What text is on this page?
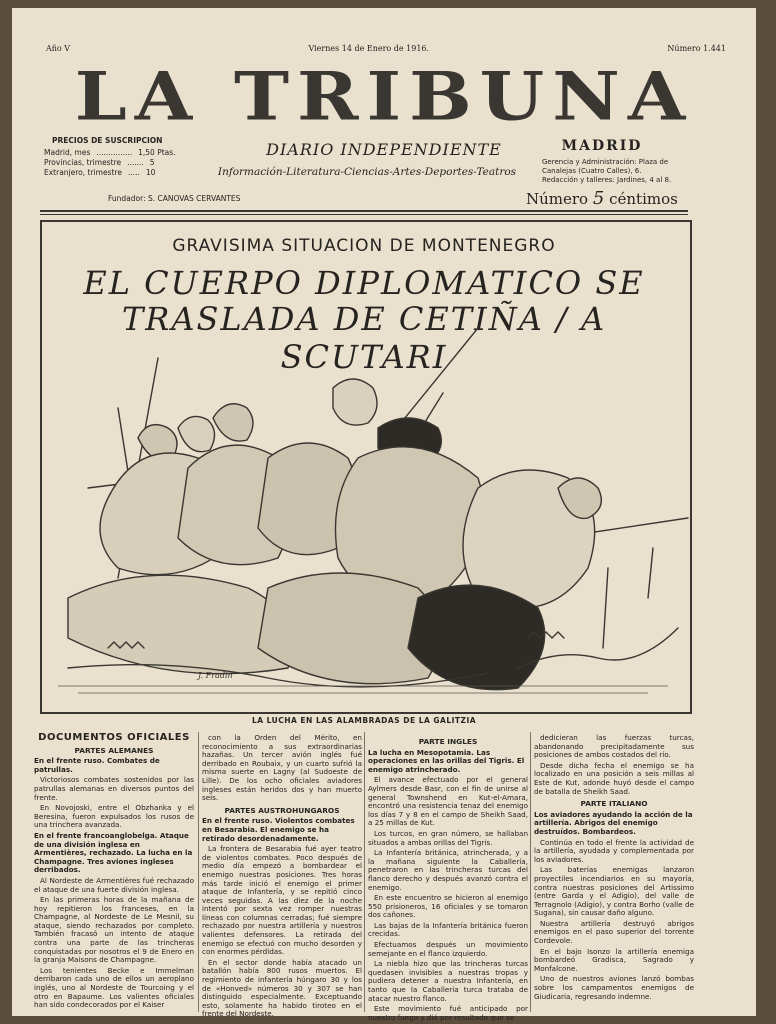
Año V	Viernes 14 de Enero de 1916.	Número 1.441
LA TRIBUNA
PRECIOS DE SUSCRIPCION
Madrid, mes ............... 1,50 Ptas.
Provincias, trimestre ....... 5
Extranjero, trimestre ..... 10
DIARIO INDEPENDIENTE
Información-Literatura-Ciencias-Artes-Deportes-Teatros
MADRID
Gerencia y Administración: Plaza de Canalejas (Cuatro Calles), 6.
Redacción y talleres: Jardines, 4 al 8.
Fundador: S. CANOVAS CERVANTES	Número 5 céntimos
GRAVISIMA SITUACION DE MONTENEGRO
EL CUERPO DIPLOMATICO SE
TRASLADA DE CETIÑA / A SCUTARI
J. Fradin
LA LUCHA EN LAS ALAMBRADAS DE LA GALITZIA
DOCUMENTOS OFICIALES
PARTES ALEMANES
En el frente ruso. Combates de patrullas.

Victoriosos combates sostenidos por las patrullas alemanas en diversos puntos del frente.

En Novojoski, entre el Obzhanka y el Beresina, fueron expulsados los rusos de una trinchera avanzada.

En el frente francoanglobelga. Ataque de una división inglesa en Armentières, rechazado. La lucha en la Champagne. Tres aviones ingleses derribados.

Al Nordeste de Armentières fué rechazado el ataque de una fuerte división inglesa.

En las primeras horas de la mañana de hoy repitieron los franceses, en la Champagne, al Nordeste de Le Mesnil, su ataque, siendo rechazados por completo. También fracasó un intento de ataque contra una parte de las trincheras conquistadas por nosotros el 9 de Enero en la granja Maisons de Champagne.

Los tenientes Becke e Immelman derribaron cada uno de ellos un aeroplano inglés, uno al Nordeste de Tourcoing y el otro en Bapaume. Los valientes oficiales han sido condecorados por el Kaiser

con la Orden del Mérito, en reconocimiento a sus extraordinarias hazañas. Un tercer avión inglés fué derribado en Roubaix, y un cuarto sufrió la misma suerte en Lagny (al Sudoeste de Lille). De los ocho oficiales aviadores ingleses están heridos dos y han muerto seis.

PARTES AUSTROHUNGAROS
En el frente ruso. Violentos combates en Besarabia. El enemigo se ha retirado desordenadamente.

La frontera de Besarabia fué ayer teatro de violentos combates. Poco después de medio día empezó a bombardear el enemigo nuestras posiciones. Tres horas más tarde inició el enemigo el primer ataque de Infantería, y se repitió cinco veces seguidas. A las diez de la noche intentó por sexta vez romper nuestras líneas con columnas cerradas; fué siempre rechazado por nuestra artillería y nuestros valientes defensores. La retirada del enemigo se efectuó con mucho desorden y con enormes pérdidas.

En el sector donde había atacado un batallón había 800 rusos muertos. El regimiento de infantería húngaro 30 y los de «Honved» números 30 y 307 se han distinguido especialmente. Exceptuando esto, solamente ha habido tiroteo en el frente del Nordeste.

PARTE INGLES
La lucha en Mesopotamia. Las operaciones en las orillas del Tigris. El enemigo atrincherado.

El avance efectuado por el general Aylmers desde Basr, con el fin de unirse al general Townshend en Kut-el-Amara, encontró una resistencia tenaz del enemigo los días 7 y 8 en el campo de Sheikh Saad, a 25 millas de Kut.

Los turcos, en gran número, se hallaban situados a ambas orillas del Tigris.

La Infantería británica, atrincherada, y a la mañana siguiente la Caballería, penetraron en las trincheras turcas del flanco derecho y después avanzó contra el enemigo.

En este encuentro se hicieron al enemigo 550 prisioneros, 16 oficiales y se tomaron dos cañones.

Las bajas de la Infantería británica fueron crecidas.

Efectuamos después un movimiento semejante en el flanco izquierdo.

La niebla hizo que las trincheras turcas quedasen invisibles a nuestras tropas y pudiera detener a nuestra Infantería, en tanto que la Caballería turca trataba de atacar nuestro flanco.

Este movimiento fué anticipado por nuestro fuego y dió por resultado que se

dedicieran las fuerzas turcas, abandonando precipitadamente sus posiciones de ambos costados del río.

Desde dicha fecha el enemigo se ha localizado en una posición a seis millas al Este de Kut, adonde huyó desde el campo de batalla de Sheikh Saad.

PARTE ITALIANO
Los aviadores ayudando la acción de la artillería. Abrigos del enemigo destruídos. Bombardeos.

Continúa en todo el frente la actividad de la artillería, ayudada y complementada por los aviadores.

Las baterías enemigas lanzaron proyectiles incendiarios en su mayoría, contra nuestras posiciones del Artissimo (entre Garda y el Adigio), del valle de Terragnolo (Adigio), y contra Borho (valle de Sugana), sin causar daño alguno.

Nuestra artillería destruyó abrigos enemigos en el paso superior del torrente Cordevole.

En el bajo Isonzo la artillería enemiga bombardeó Gradisca, Sagrado y Monfalcone.

Uno de nuestros aviones lanzó bombas sobre los campamentos enemigos de Giudicaria, regresando indemne.
